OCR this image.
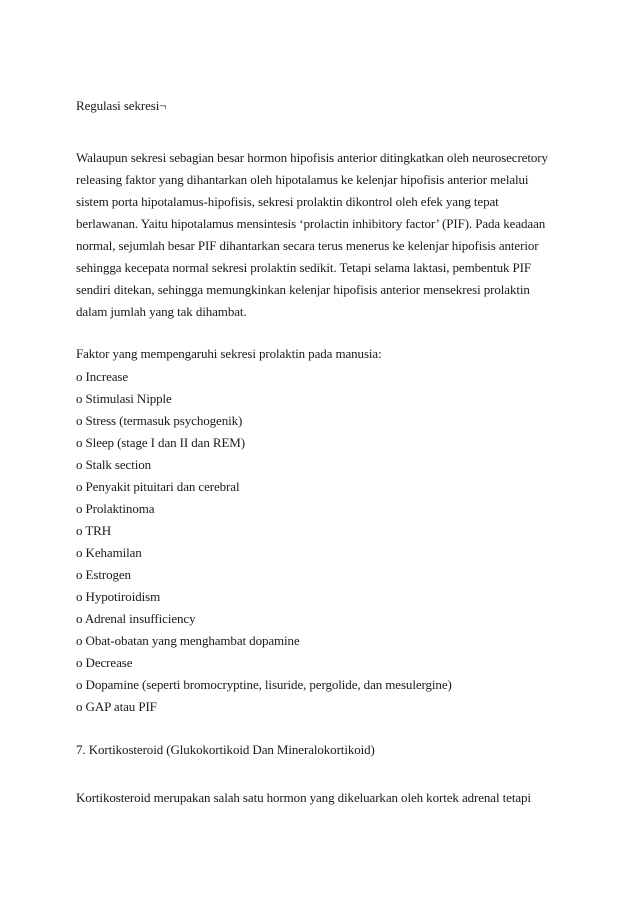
Regulasi sekresi¬
Walaupun sekresi sebagian besar hormon hipofisis anterior ditingkatkan oleh neurosecretory
releasing faktor yang dihantarkan oleh hipotalamus ke kelenjar hipofisis anterior melalui
sistem porta hipotalamus-hipofisis, sekresi prolaktin dikontrol oleh efek yang tepat
berlawanan. Yaitu hipotalamus mensintesis ‘prolactin inhibitory factor’ (PIF). Pada keadaan
normal, sejumlah besar PIF dihantarkan secara terus menerus ke kelenjar hipofisis anterior
sehingga kecepata normal sekresi prolaktin sedikit. Tetapi selama laktasi, pembentuk PIF
sendiri ditekan, sehingga memungkinkan kelenjar hipofisis anterior mensekresi prolaktin
dalam jumlah yang tak dihambat.
Faktor yang mempengaruhi sekresi prolaktin pada manusia:
o Increase
o Stimulasi Nipple
o Stress (termasuk psychogenik)
o Sleep (stage I dan II dan REM)
o Stalk section
o Penyakit pituitari dan cerebral
o Prolaktinoma
o TRH
o Kehamilan
o Estrogen
o Hypotiroidism
o Adrenal insufficiency
o Obat-obatan yang menghambat dopamine
o Decrease
o Dopamine (seperti bromocryptine, lisuride, pergolide, dan mesulergine)
o GAP atau PIF
7. Kortikosteroid (Glukokortikoid Dan Mineralokortikoid)
Kortikosteroid merupakan salah satu hormon yang dikeluarkan oleh kortek adrenal tetapi
